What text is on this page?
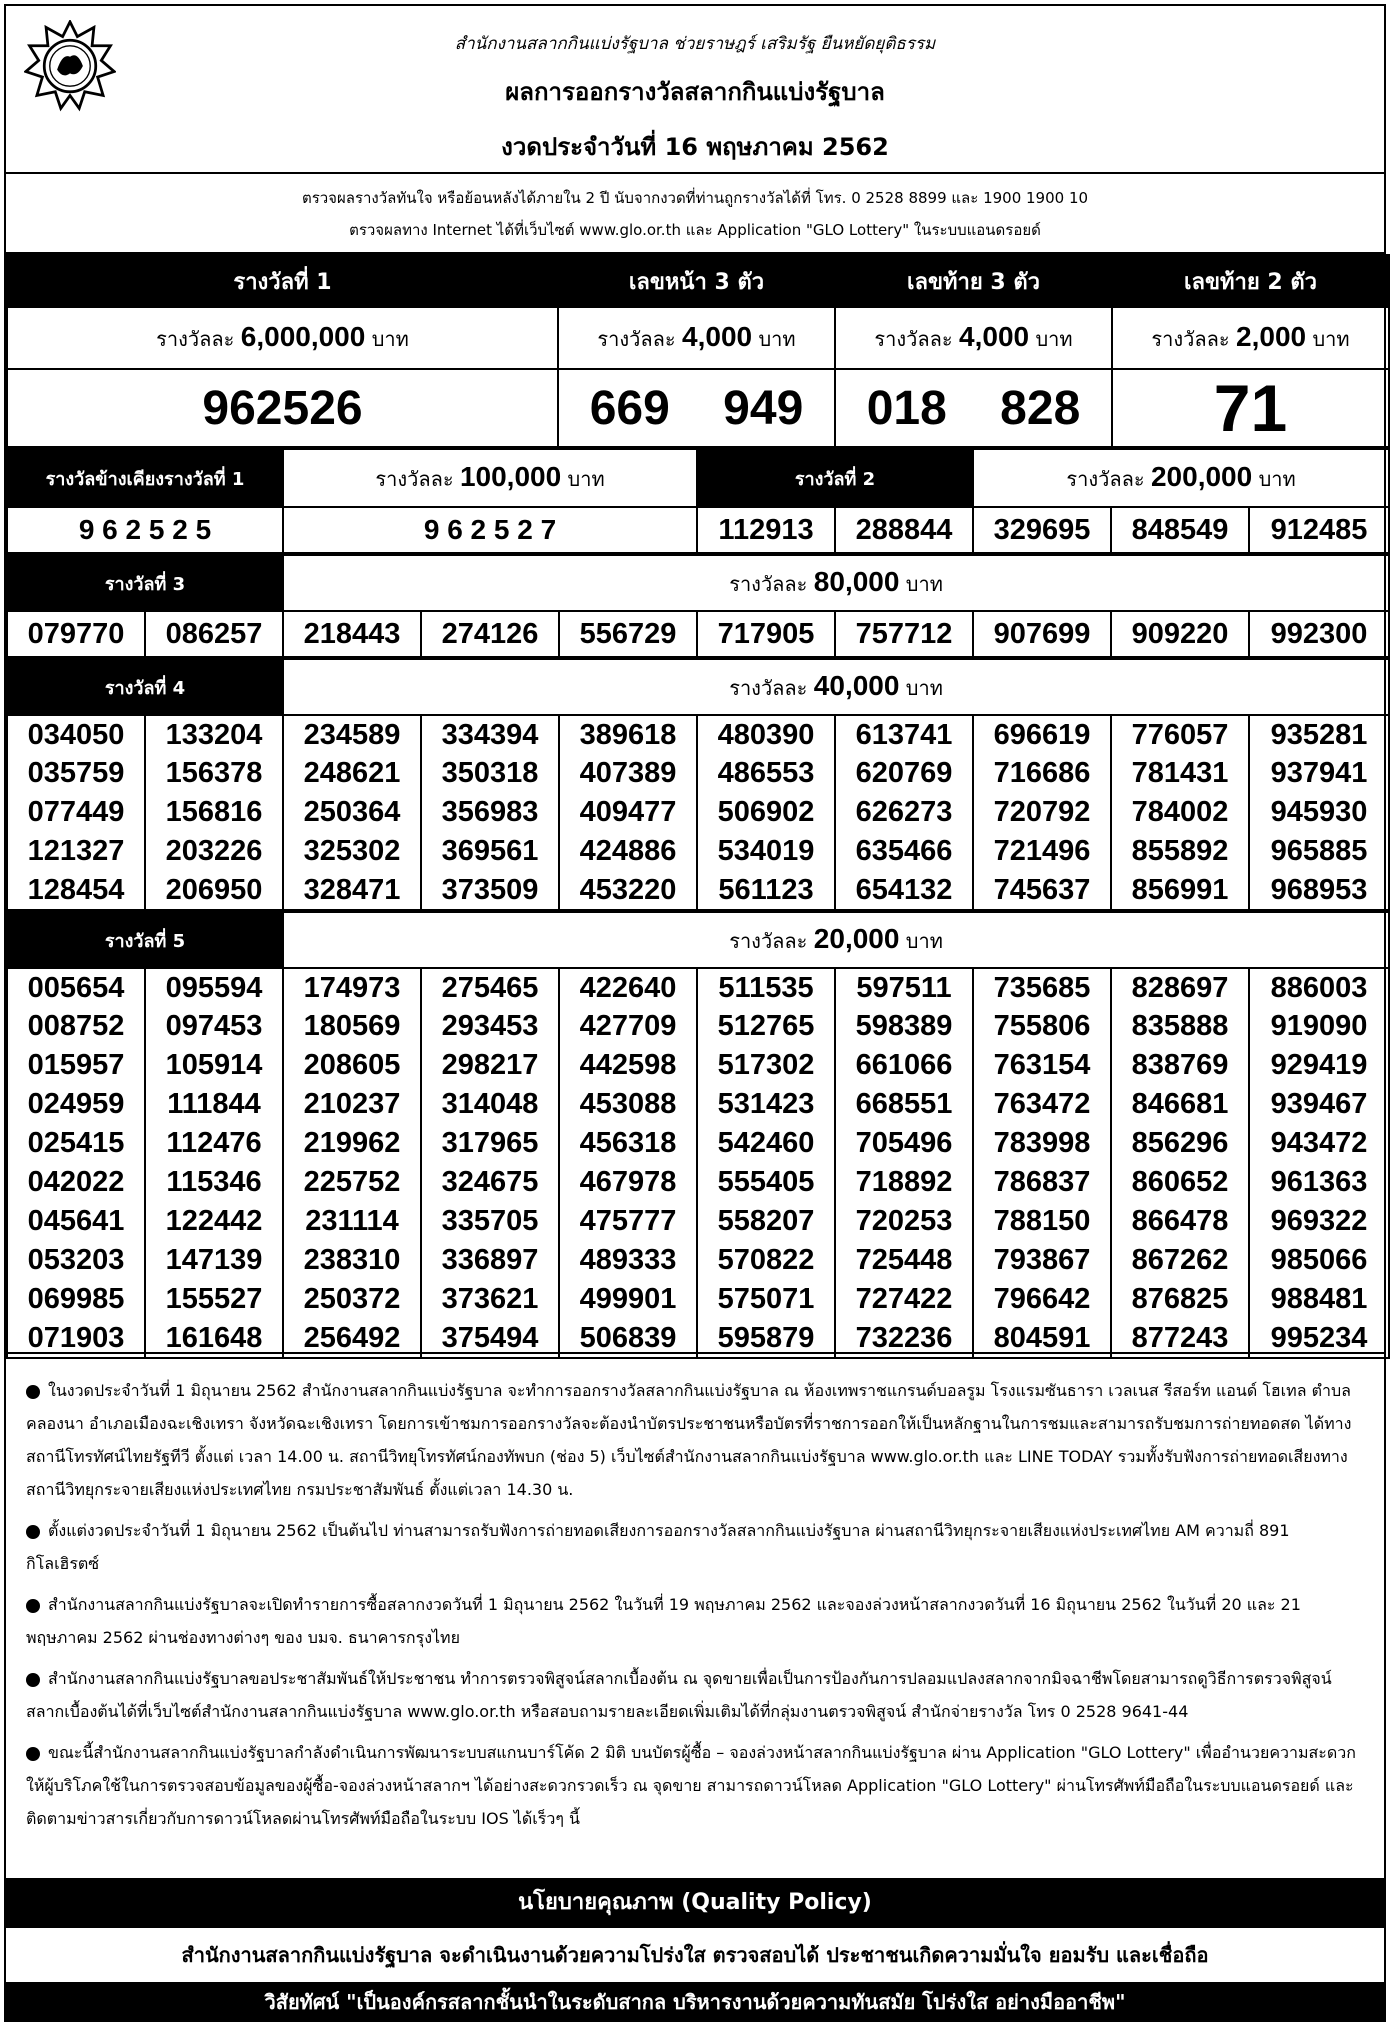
สำนักงานสลากกินแบ่งรัฐบาล ช่วยราษฎร์ เสริมรัฐ ยืนหยัดยุติธรรม
ผลการออกรางวัลสลากกินแบ่งรัฐบาล
งวดประจำวันที่ 16 พฤษภาคม 2562
ตรวจผลรางวัลทันใจ หรือย้อนหลังได้ภายใน 2 ปี นับจากงวดที่ท่านถูกรางวัลได้ที่ โทร. 0 2528 8899 และ 1900 1900 10
ตรวจผลทาง Internet ได้ที่เว็บไซต์ www.glo.or.th และ Application "GLO Lottery" ในระบบแอนดรอยด์
รางวัลที่ 1	เลขหน้า 3 ตัว	เลขท้าย 3 ตัว	เลขท้าย 2 ตัว
รางวัลละ 6,000,000 บาท	รางวัลละ 4,000 บาท	รางวัลละ 4,000 บาท	รางวัลละ 2,000 บาท
962526	669 949	018 828	71
รางวัลข้างเคียงรางวัลที่ 1	รางวัลละ 100,000 บาท	รางวัลที่ 2		รางวัลละ 200,000 บาท		
9 6 2 5 2 5	9 6 2 5 2 7	112913	288844	329695	848549	912485
รางวัลที่ 3		รางวัลละ 80,000 บาท							
079770	086257	218443	274126	556729	717905	757712	907699	909220	992300
รางวัลที่ 4		รางวัลละ 40,000 บาท							
034050	133204	234589	334394	389618	480390	613741	696619	776057	935281
035759	156378	248621	350318	407389	486553	620769	716686	781431	937941
077449	156816	250364	356983	409477	506902	626273	720792	784002	945930
121327	203226	325302	369561	424886	534019	635466	721496	855892	965885
128454	206950	328471	373509	453220	561123	654132	745637	856991	968953
รางวัลที่ 5		รางวัลละ 20,000 บาท							
005654	095594	174973	275465	422640	511535	597511	735685	828697	886003
008752	097453	180569	293453	427709	512765	598389	755806	835888	919090
015957	105914	208605	298217	442598	517302	661066	763154	838769	929419
024959	111844	210237	314048	453088	531423	668551	763472	846681	939467
025415	112476	219962	317965	456318	542460	705496	783998	856296	943472
042022	115346	225752	324675	467978	555405	718892	786837	860652	961363
045641	122442	231114	335705	475777	558207	720253	788150	866478	969322
053203	147139	238310	336897	489333	570822	725448	793867	867262	985066
069985	155527	250372	373621	499901	575071	727422	796642	876825	988481
071903	161648	256492	375494	506839	595879	732236	804591	877243	995234
ในงวดประจำวันที่ 1 มิถุนายน 2562 สำนักงานสลากกินแบ่งรัฐบาล จะทำการออกรางวัลสลากกินแบ่งรัฐบาล ณ ห้องเทพราชแกรนด์บอลรูม โรงแรมซันธารา เวลเนส รีสอร์ท แอนด์ โฮเทล ตำบลคลองนา อำเภอเมืองฉะเชิงเทรา จังหวัดฉะเชิงเทรา โดยการเข้าชมการออกรางวัลจะต้องนำบัตรประชาชนหรือบัตรที่ราชการออกให้เป็นหลักฐานในการชมและสามารถรับชมการถ่ายทอดสด ได้ทางสถานีโทรทัศน์ไทยรัฐทีวี ตั้งแต่ เวลา 14.00 น. สถานีวิทยุโทรทัศน์กองทัพบก (ช่อง 5) เว็บไซต์สำนักงานสลากกินแบ่งรัฐบาล www.glo.or.th และ LINE TODAY รวมทั้งรับฟังการถ่ายทอดเสียงทางสถานีวิทยุกระจายเสียงแห่งประเทศไทย กรมประชาสัมพันธ์ ตั้งแต่เวลา 14.30 น.
ตั้งแต่งวดประจำวันที่ 1 มิถุนายน 2562 เป็นต้นไป ท่านสามารถรับฟังการถ่ายทอดเสียงการออกรางวัลสลากกินแบ่งรัฐบาล ผ่านสถานีวิทยุกระจายเสียงแห่งประเทศไทย AM ความถี่ 891 กิโลเฮิรตซ์
สำนักงานสลากกินแบ่งรัฐบาลจะเปิดทำรายการซื้อสลากงวดวันที่ 1 มิถุนายน 2562 ในวันที่ 19 พฤษภาคม 2562 และจองล่วงหน้าสลากงวดวันที่ 16 มิถุนายน 2562 ในวันที่ 20 และ 21 พฤษภาคม 2562 ผ่านช่องทางต่างๆ ของ บมจ. ธนาคารกรุงไทย
สำนักงานสลากกินแบ่งรัฐบาลขอประชาสัมพันธ์ให้ประชาชน ทำการตรวจพิสูจน์สลากเบื้องต้น ณ จุดขายเพื่อเป็นการป้องกันการปลอมแปลงสลากจากมิจฉาชีพโดยสามารถดูวิธีการตรวจพิสูจน์สลากเบื้องต้นได้ที่เว็บไซต์สำนักงานสลากกินแบ่งรัฐบาล www.glo.or.th หรือสอบถามรายละเอียดเพิ่มเติมได้ที่กลุ่มงานตรวจพิสูจน์ สำนักจ่ายรางวัล โทร 0 2528 9641-44
ขณะนี้สำนักงานสลากกินแบ่งรัฐบาลกำลังดำเนินการพัฒนาระบบสแกนบาร์โค้ด 2 มิติ บนบัตรผู้ซื้อ – จองล่วงหน้าสลากกินแบ่งรัฐบาล ผ่าน Application "GLO Lottery" เพื่ออำนวยความสะดวกให้ผู้บริโภคใช้ในการตรวจสอบข้อมูลของผู้ซื้อ-จองล่วงหน้าสลากฯ ได้อย่างสะดวกรวดเร็ว ณ จุดขาย สามารถดาวน์โหลด Application "GLO Lottery" ผ่านโทรศัพท์มือถือในระบบแอนดรอยด์ และติดตามข่าวสารเกี่ยวกับการดาวน์โหลดผ่านโทรศัพท์มือถือในระบบ IOS ได้เร็วๆ นี้
นโยบายคุณภาพ (Quality Policy)
สำนักงานสลากกินแบ่งรัฐบาล จะดำเนินงานด้วยความโปร่งใส ตรวจสอบได้ ประชาชนเกิดความมั่นใจ ยอมรับ และเชื่อถือ
วิสัยทัศน์ "เป็นองค์กรสลากชั้นนำในระดับสากล บริหารงานด้วยความทันสมัย โปร่งใส อย่างมืออาชีพ"
